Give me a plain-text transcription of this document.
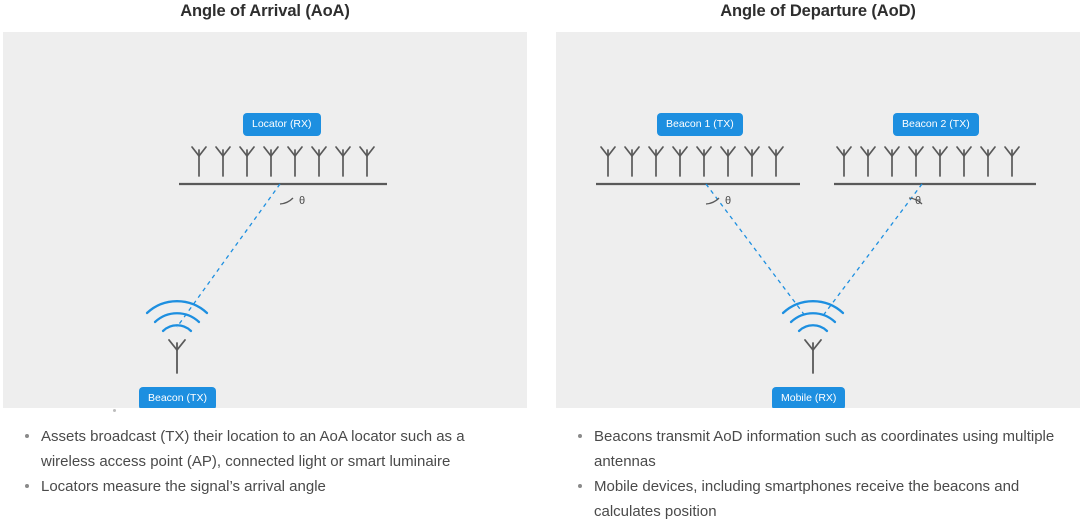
Angle of Arrival (AoA)
Locator (RX)
Beacon (TX)
θ
Assets broadcast (TX) their location to an AoA locator such as a wireless access point (AP), connected light or smart luminaire
Locators measure the signal’s arrival angle
Angle of Departure (AoD)
Beacon 1 (TX)	Beacon 2 (TX)
Mobile (RX)
θ	θ
Beacons transmit AoD information such as coordinates using multiple antennas
Mobile devices, including smartphones receive the beacons and calculates position
